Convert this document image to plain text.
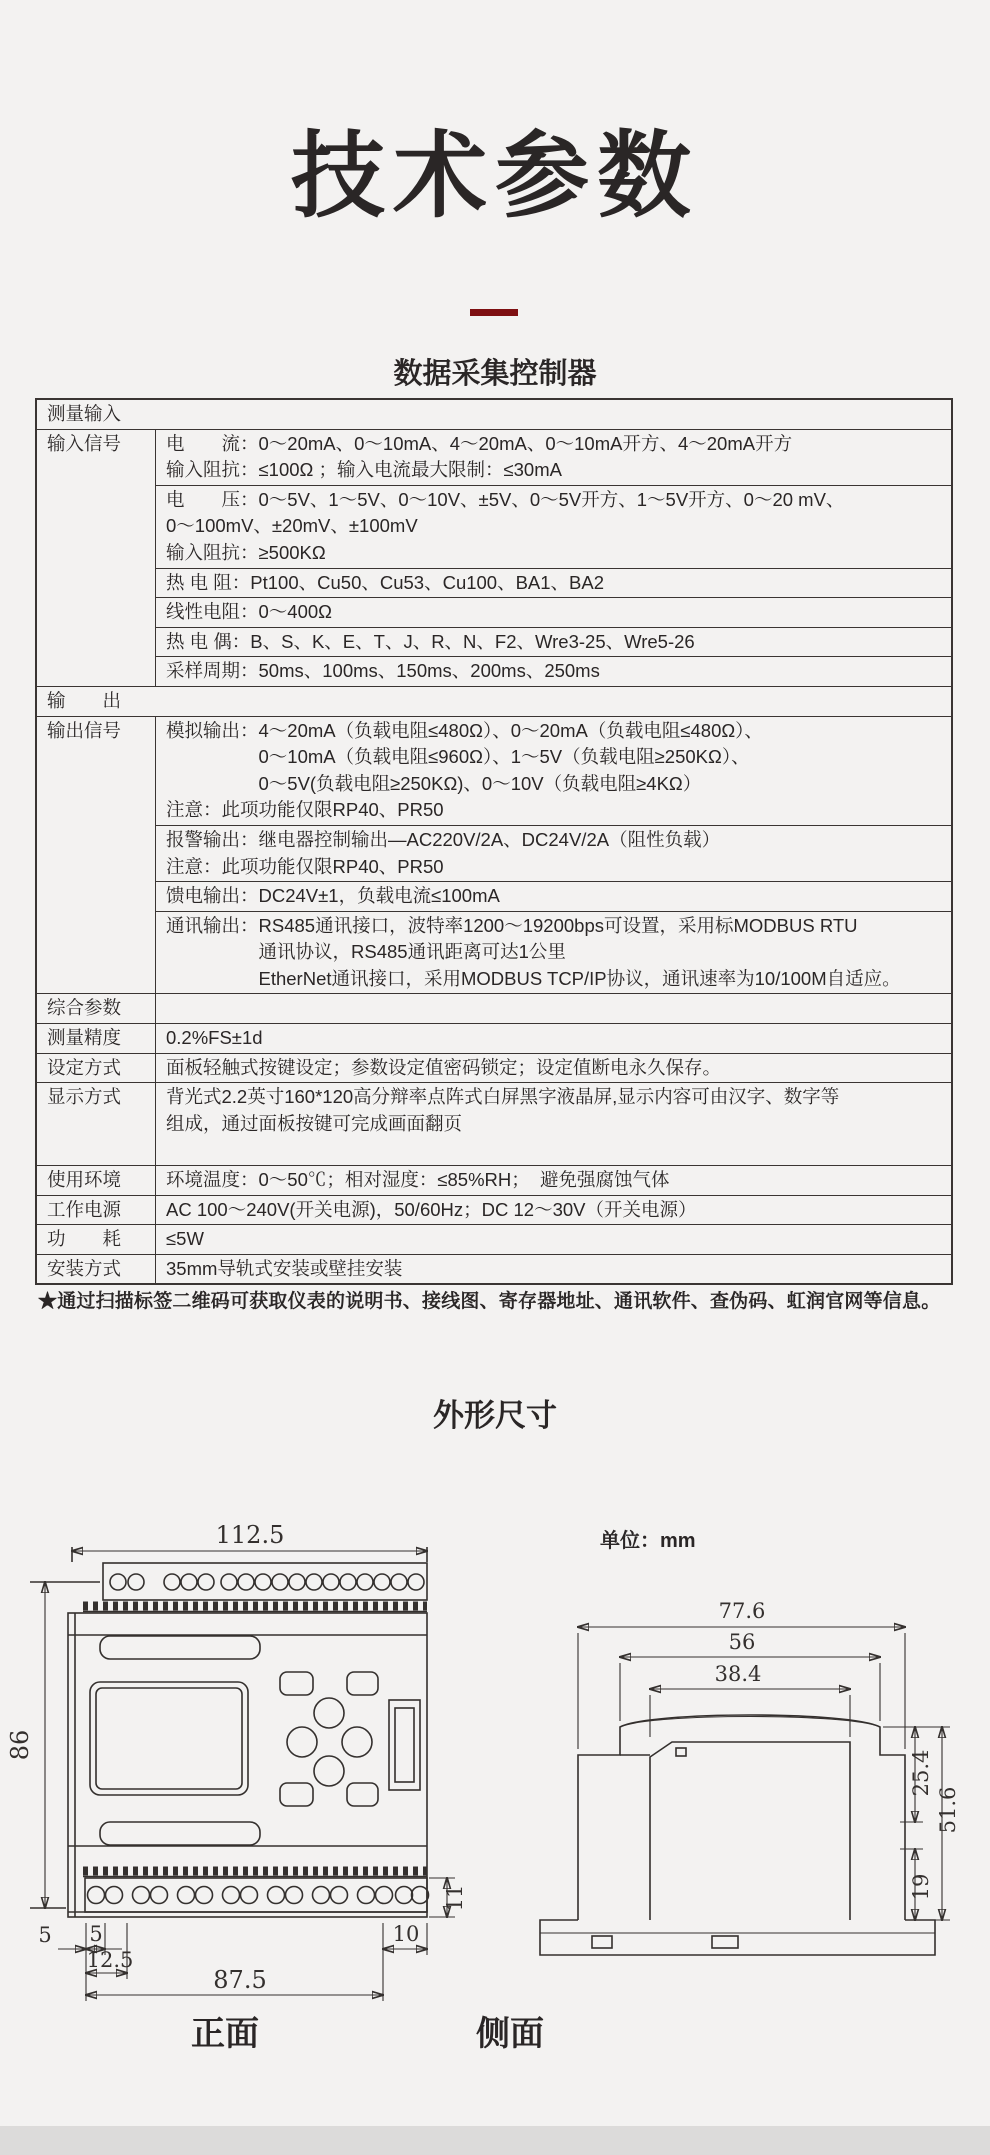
技术参数
数据采集控制器
测量输入
输入信号	电　　流：0～20mA、0～10mA、4～20mA、0～10mA开方、4～20mA开方
输入阻抗：≤100Ω ；输入电流最大限制：≤30mA
电　　压：0～5V、1～5V、0～10V、±5V、0～5V开方、1～5V开方、0～20 mV、
0～100mV、±20mV、±100mV
输入阻抗：≥500KΩ
热 电 阻：Pt100、Cu50、Cu53、Cu100、BA1、BA2
线性电阻：0～400Ω
热 电 偶：B、S、K、E、T、J、R、N、F2、Wre3-25、Wre5-26
采样周期：50ms、100ms、150ms、200ms、250ms
输　　出
输出信号	模拟输出：4～20mA（负载电阻≤480Ω）、0～20mA（负载电阻≤480Ω）、
　　　　　0～10mA（负载电阻≤960Ω）、1～5V（负载电阻≥250KΩ）、
　　　　　0～5V(负载电阻≥250KΩ)、0～10V（负载电阻≥4KΩ）
注意：此项功能仅限RP40、PR50
报警输出：继电器控制输出—AC220V/2A、DC24V/2A（阻性负载）
注意：此项功能仅限RP40、PR50
馈电输出：DC24V±1，负载电流≤100mA
通讯输出：RS485通讯接口，波特率1200～19200bps可设置，采用标MODBUS RTU
　　　　　通讯协议，RS485通讯距离可达1公里
　　　　　EtherNet通讯接口，采用MODBUS TCP/IP协议，通讯速率为10/100M自适应。
综合参数
测量精度	0.2%FS±1d
设定方式	面板轻触式按键设定；参数设定值密码锁定；设定值断电永久保存。
显示方式	背光式2.2英寸160*120高分辩率点阵式白屏黑字液晶屏,显示内容可由汉字、数字等
组成，通过面板按键可完成画面翻页
使用环境	环境温度：0～50℃；相对湿度：≤85%RH；  避免强腐蚀气体
工作电源	AC 100～240V(开关电源)，50/60Hz；DC 12～30V（开关电源）
功　　耗	≤5W
安装方式	35mm导轨式安装或壁挂安装
★通过扫描标签二维码可获取仪表的说明书、接线图、寄存器地址、通讯软件、查伪码、虹润官网等信息。
外形尺寸
单位：mm
112.5
86
5 5
12.5
87.5
10
11
77.6
56
38.4
25.4
51.6
19
正面	侧面
